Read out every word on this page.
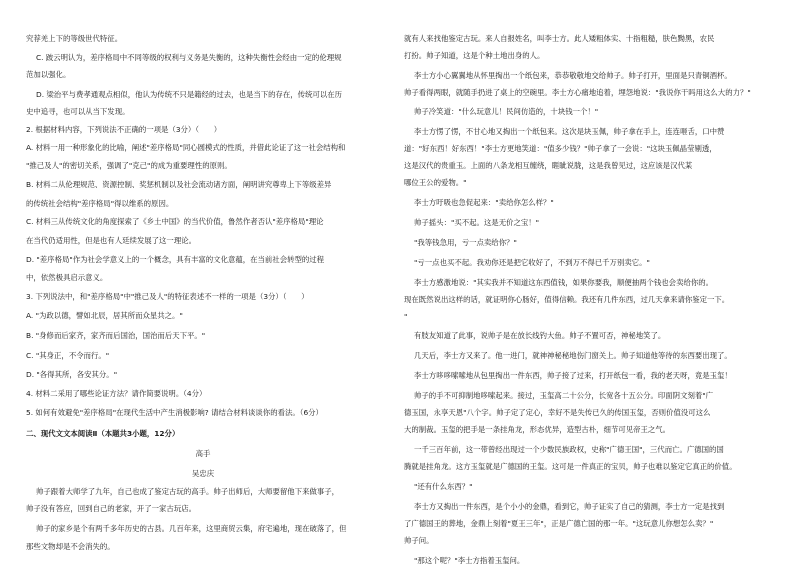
究荐羌上下的等级世代特征。
C. 跛云明认为，差序格局中不同等级的权利与义务是失衡的，这种失衡性会经由一定的伦理规
范加以强化。
D. 梁治平与费孝通观点相似，他认为传统不只是籍经的过去，也是当下的存在，传统可以在历
史中追寻，也可以从当下发现。
2. 根据材料内容，下列说法不正确的一项是（3分）（　　）
A. 材料一用一种形象化的比喻，阐述"差序格局"同心圆模式的性质，并借此论证了这一社会结构和
"推己及人"的密切关系，强调了"克己"的成为重要理性的原则。
B. 材料二从伦理规范、资源控制、奖惩机制以及社会流动诸方面，阐明讲究尊卑上下等级差异
的传统社会结构"差序格局"得以维系的原因。
C. 材料三从传统文化的角度探索了《乡土中国》的当代价值，鲁然作者否认"差序格局"理论
在当代仍适用性，但是也有人廷续发展了这一理论。
D. "差序格局"作为社会学意义上的一个概念，具有丰富的文化意蕴，在当前社会转型的过程
中，依然极具启示意义。
3. 下列说法中，和"差序格局"中"推己及人"的特征表述不一样的一项是（3分）（　　）
A. "为政以德，譬如北辰，居其所而众星共之。"
B. "身修而后家齐，家齐而后国治，国治而后天下平。"
C. "其身正，不令而行。"
D. "各得其所，各安其分。"
4. 材料二采用了哪些论证方法？请作简要说明。（4分）
5. 如何有效避免"差序格局"在现代生活中产生消极影响? 请结合材料谈谈你的看法。（6分）
二、现代文文本阅读Ⅱ（本题共3小题，12分）
高手
吴忠庆
帅子跟着大师学了九年，自己也成了鉴定古玩的高手。帅子出师后，大师要留他下来做事子，
帅子没有答应，回到自己的老家，开了一家古玩店。
帅子的家乡是个有两千多年历史的古县。几百年来，这里商贸云集，府宅遍地，现在破落了，但
那些文物却是不会消失的。
就有人来找他鉴定古玩。来人自报姓名，叫李士方。此人矮粗体实、十指粗糙，肤色黝黑，农民
打扮。帅子知道，这是个种土地出身的人。
李士方小心翼翼地从怀里掏出一个纸包来，恭恭敬敬地交给帅子。帅子打开，里面是只青铜酒杯。
帅子看得两眼，就随手扔进了桌上的空碗里。李士方心痛地追着，埋怨地说："我说你干吗用这么大的力？"
帅子冷笑道："什么玩意儿！民间仿造的，十块钱一个！"
李士方愣了愣，不甘心地又掏出一个纸包来。这次是块玉佩，帅子拿在手上，连连咂舌，口中赞
道："好东西！好东西！"李士方更地笑道："值多少钱？"帅子拿了一会说："这块玉佩晶莹剔透，
这是汉代的贵重玉。上面的八条龙相互缠绕，睚眦说胧，这是我曾见过，这应该是汉代某
哪位王公的爱物。"
李士方吁吸也急促起来："卖给你怎么样？"
帅子摇头："买不起。这是无价之宝！"
"我等钱急用，亏一点卖给你？"
"亏一点也买不起。我劝你还是把它收好了，不到万不得已千万别卖它。"
李士方感激地说："其实我并不知道这东西值钱，如果你要我，顺便抽两个钱也会卖给你的。
现在既然说出这样的话，就证明你心肠好，值得信赖。我还有几件东西，过几天拿来请你鉴定一下。
"
有肢友知道了此事，说帅子是在放长线钓大鱼。帅子不置可否，神秘地笑了。
几天后，李士方又来了。他一进门，就神神秘秘地伤门窗关上。帅子知道他等待的东西要出现了。
李士方哆哆嗦嗦地从包里掏出一件东西，帅子接了过来，打开纸包一看，我的老天呀，竟是玉玺！
帅子的手不可抑制地哆嗦起来。接过，玉玺高二十公分，长宽各十五公分。印面阴文刻着"广
德玉国，永享天恩"八个字。帅子定了定心，幸好不是失传已久的传国玉玺，否则价值没可这么
大的制裁。玉玺的把手是一条挂角龙，形态优异，造型古朴，细节可见帝王之气。
一千三百年前，这一带曾经出现过一个少数民族政权，史称"广德王国"，三代而亡。广德国的国
腾就是挂角龙。这方玉玺就是广德国的王玺。这可是一件真正的宝贝，帅子也难以鉴定它真正的价值。
"还有什么东西？"
李士方又掏出一件东西，是个小小的金鼎，看到它，帅子证实了自己的猜测，李士方一定是找到
了广德国王的葬地，金鼎上刻着"夏王三年"，正是广德亡国的那一年。"这玩意儿你想怎么卖？"
帅子问。
"那这个呢？"李士方指着玉玺问。
